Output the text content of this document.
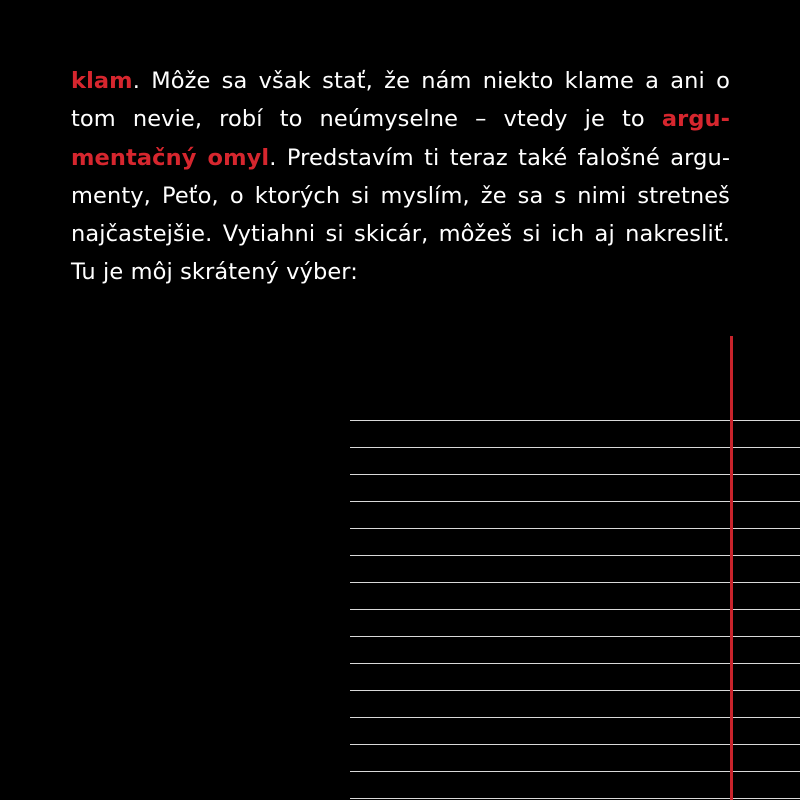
klam. Môže sa však stať, že nám niekto klame a ani o tom nevie, robí to neúmyselne – vtedy je to argumentačný omyl. Predstavím ti teraz také falošné argumenty, Peťo, o ktorých si myslím, že sa s nimi stretneš najčastejšie. Vytiahni si skicár, môžeš si ich aj nakresliť. Tu je môj skrátený výber:
